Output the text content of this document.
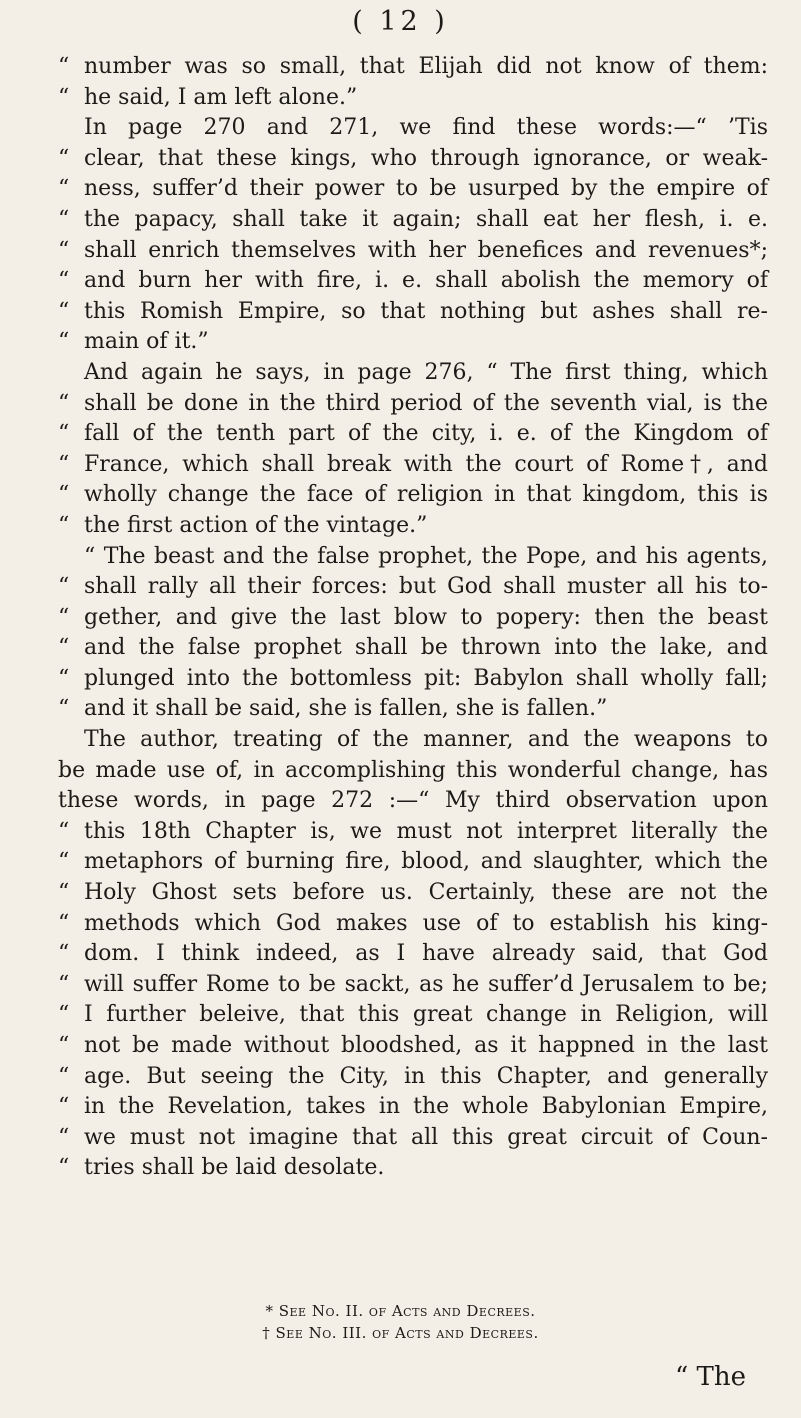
( 12 )
“ number was so small, that Elijah did not know of them:
“ he said, I am left alone.”
In page 270 and 271, we find these words:—“ ’Tis
“ clear, that these kings, who through ignorance, or weak-
“ ness, suffer’d their power to be usurped by the empire of
“ the papacy, shall take it again; shall eat her flesh, i. e.
“ shall enrich themselves with her benefices and revenues*;
“ and burn her with fire, i. e. shall abolish the memory of
“ this Romish Empire, so that nothing but ashes shall re-
“ main of it.”
And again he says, in page 276, “ The first thing, which
“ shall be done in the third period of the seventh vial, is the
“ fall of the tenth part of the city, i. e. of the Kingdom of
“ France, which shall break with the court of Rome†, and
“ wholly change the face of religion in that kingdom, this is
“ the first action of the vintage.”
“ The beast and the false prophet, the Pope, and his agents,
“ shall rally all their forces: but God shall muster all his to-
“ gether, and give the last blow to popery: then the beast
“ and the false prophet shall be thrown into the lake, and
“ plunged into the bottomless pit: Babylon shall wholly fall;
“ and it shall be said, she is fallen, she is fallen.”
The author, treating of the manner, and the weapons to
be made use of, in accomplishing this wonderful change, has
these words, in page 272 :—“ My third observation upon
“ this 18th Chapter is, we must not interpret literally the
“ metaphors of burning fire, blood, and slaughter, which the
“ Holy Ghost sets before us. Certainly, these are not the
“ methods which God makes use of to establish his king-
“ dom. I think indeed, as I have already said, that God
“ will suffer Rome to be sackt, as he suffer’d Jerusalem to be;
“ I further beleive, that this great change in Religion, will
“ not be made without bloodshed, as it happned in the last
“ age. But seeing the City, in this Chapter, and generally
“ in the Revelation, takes in the whole Babylonian Empire,
“ we must not imagine that all this great circuit of Coun-
“ tries shall be laid desolate.
* See No. II. of Acts and Decrees.
† See No. III. of Acts and Decrees.
“ The
